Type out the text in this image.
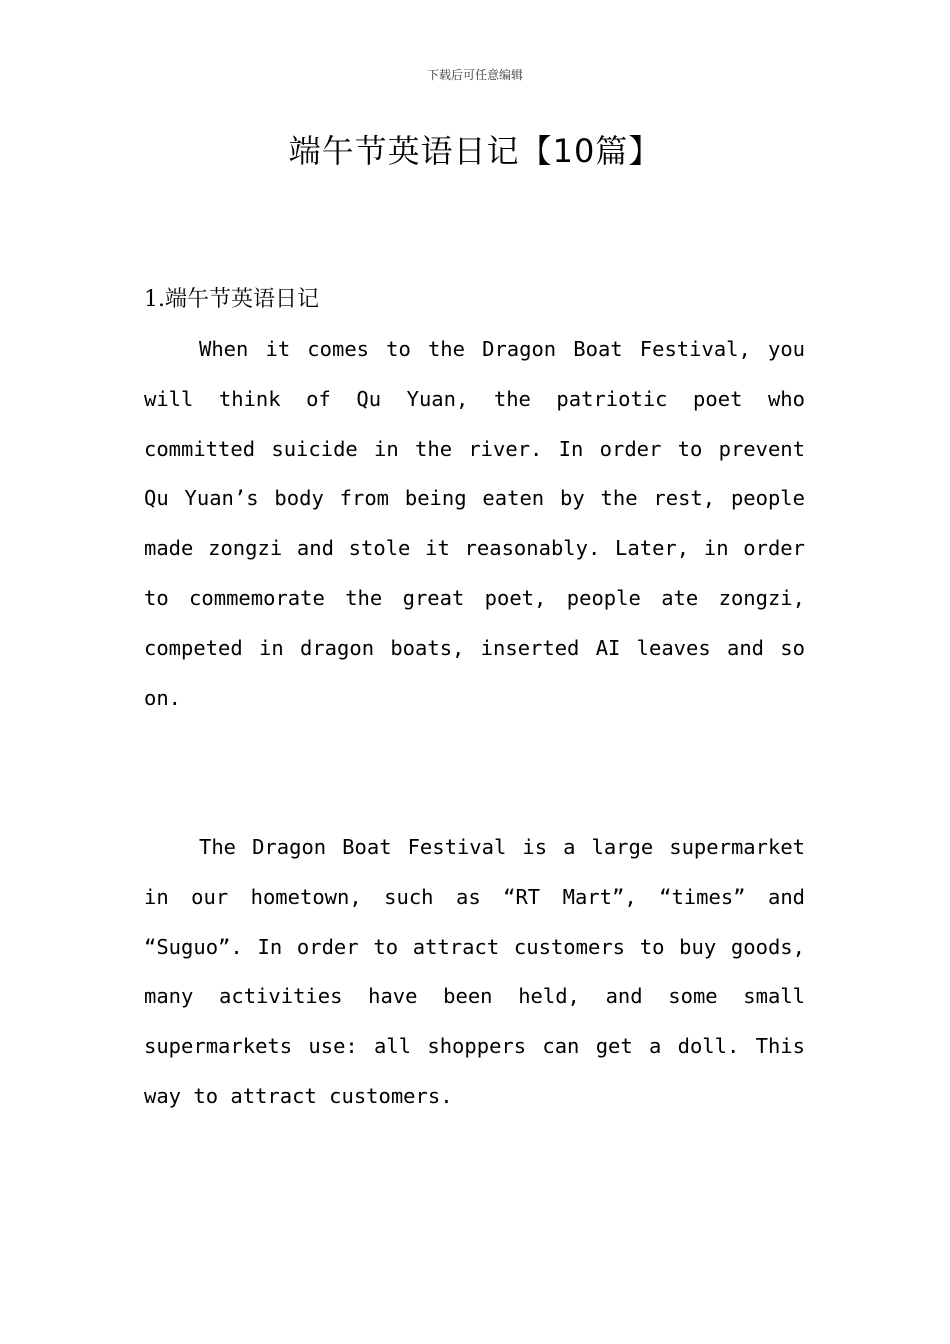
下载后可任意编辑
端午节英语日记【10篇】
1.端午节英语日记

When it comes to the Dragon Boat Festival, you will think of Qu Yuan, the patriotic poet who committed suicide in the river. In order to prevent Qu Yuan’s body from being eaten by the rest, people made zongzi and stole it reasonably. Later, in order to commemorate the great poet, people ate zongzi, competed in dragon boats, inserted AI leaves and so on.

The Dragon Boat Festival is a large supermarket in our hometown, such as “RT Mart”, “times” and “Suguo”. In order to attract customers to buy goods, many activities have been held, and some small supermarkets use: all shoppers can get a doll. This way to attract customers.
